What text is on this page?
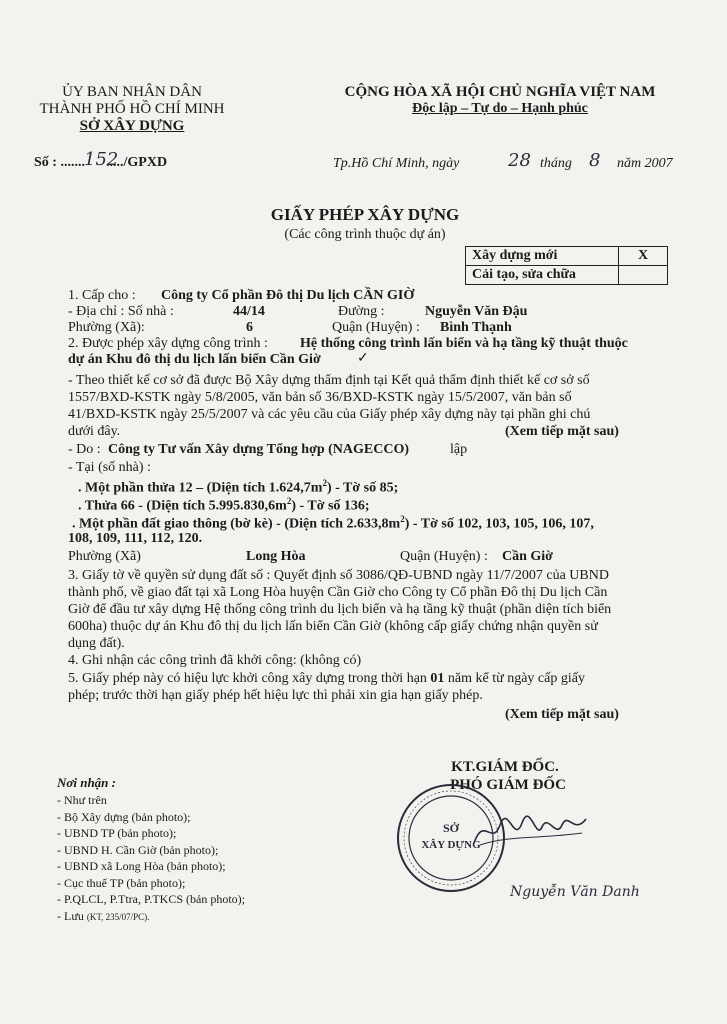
ỦY BAN NHÂN DÂN
THÀNH PHỐ HỒ CHÍ MINH
SỞ XÂY DỰNG
CỘNG HÒA XÃ HỘI CHỦ NGHĨA VIỆT NAM
Độc lập – Tự do – Hạnh phúc
Số : ....... 152
...../GPXD	Tp.Hồ Chí Minh, ngày	28 tháng 8 năm 2007
GIẤY PHÉP XÂY DỰNG
(Các công trình thuộc dự án)
Xây dựng mới	X
Cải tạo, sửa chữa	
1. Cấp cho : Công ty Cổ phần Đô thị Du lịch CẦN GIỜ
- Địa chỉ : Số nhà :	44/14	Đường :	Nguyễn Văn Đậu
Phường (Xã):	6	Quận (Huyện) : Bình Thạnh
2. Được phép xây dựng công trình : Hệ thống công trình lấn biển và hạ tầng kỹ thuật thuộc
dự án Khu đô thị du lịch lấn biển Cần Giờ	✓
- Theo thiết kế cơ sở đã được Bộ Xây dựng thẩm định tại Kết quả thẩm định thiết kế cơ sở số
1557/BXD-KSTK ngày 5/8/2005, văn bản số 36/BXD-KSTK ngày 15/5/2007, văn bản số
41/BXD-KSTK ngày 25/5/2007 và các yêu cầu của Giấy phép xây dựng này tại phần ghi chú
dưới đây.	(Xem tiếp mặt sau)
- Do : Công ty Tư vấn Xây dựng Tổng hợp (NAGECCO)	lập
- Tại (số nhà) :
. Một phần thửa 12 – (Diện tích $1.624,7m^2$) - Tờ số 85;
. Thửa 66 - (Diện tích $5.995.830,6m^2$) - Tờ số 136;
. Một phần đất giao thông (bờ kè) - (Diện tích $2.633,8m^2$) - Tờ số 102, 103, 105, 106, 107,
108, 109, 111, 112, 120.
Phường (Xã)	Long Hòa	Quận (Huyện) : Cần Giờ
3. Giấy tờ về quyền sử dụng đất số : Quyết định số 3086/QĐ-UBND ngày 11/7/2007 của UBND
thành phố, về giao đất tại xã Long Hòa huyện Cần Giờ cho Công ty Cổ phần Đô thị Du lịch Cần
Giờ để đầu tư xây dựng Hệ thống công trình du lịch biển và hạ tầng kỹ thuật (phần diện tích biển
600ha) thuộc dự án Khu đô thị du lịch lấn biển Cần Giờ (không cấp giấy chứng nhận quyền sử
dụng đất).
4. Ghi nhận các công trình đã khởi công: (không có)
5. Giấy phép này có hiệu lực khởi công xây dựng trong thời hạn 01 năm kể từ ngày cấp giấy
phép; trước thời hạn giấy phép hết hiệu lực thì phải xin gia hạn giấy phép.
(Xem tiếp mặt sau)
KT.GIÁM ĐỐC.
PHÓ GIÁM ĐỐC
SỞ
XÂY DỰNG
Nguyễn Văn Danh
Nơi nhận :
- Như trên
- Bộ Xây dựng (bản photo);
- UBND TP (bản photo);
- UBND H. Cần Giờ (bản photo);
- UBND xã Long Hòa (bản photo);
- Cục thuế TP (bản photo);
- P.QLCL, P.Ttra, P.TKCS (bản photo);
- Lưu (KT, 235/07/PC).
